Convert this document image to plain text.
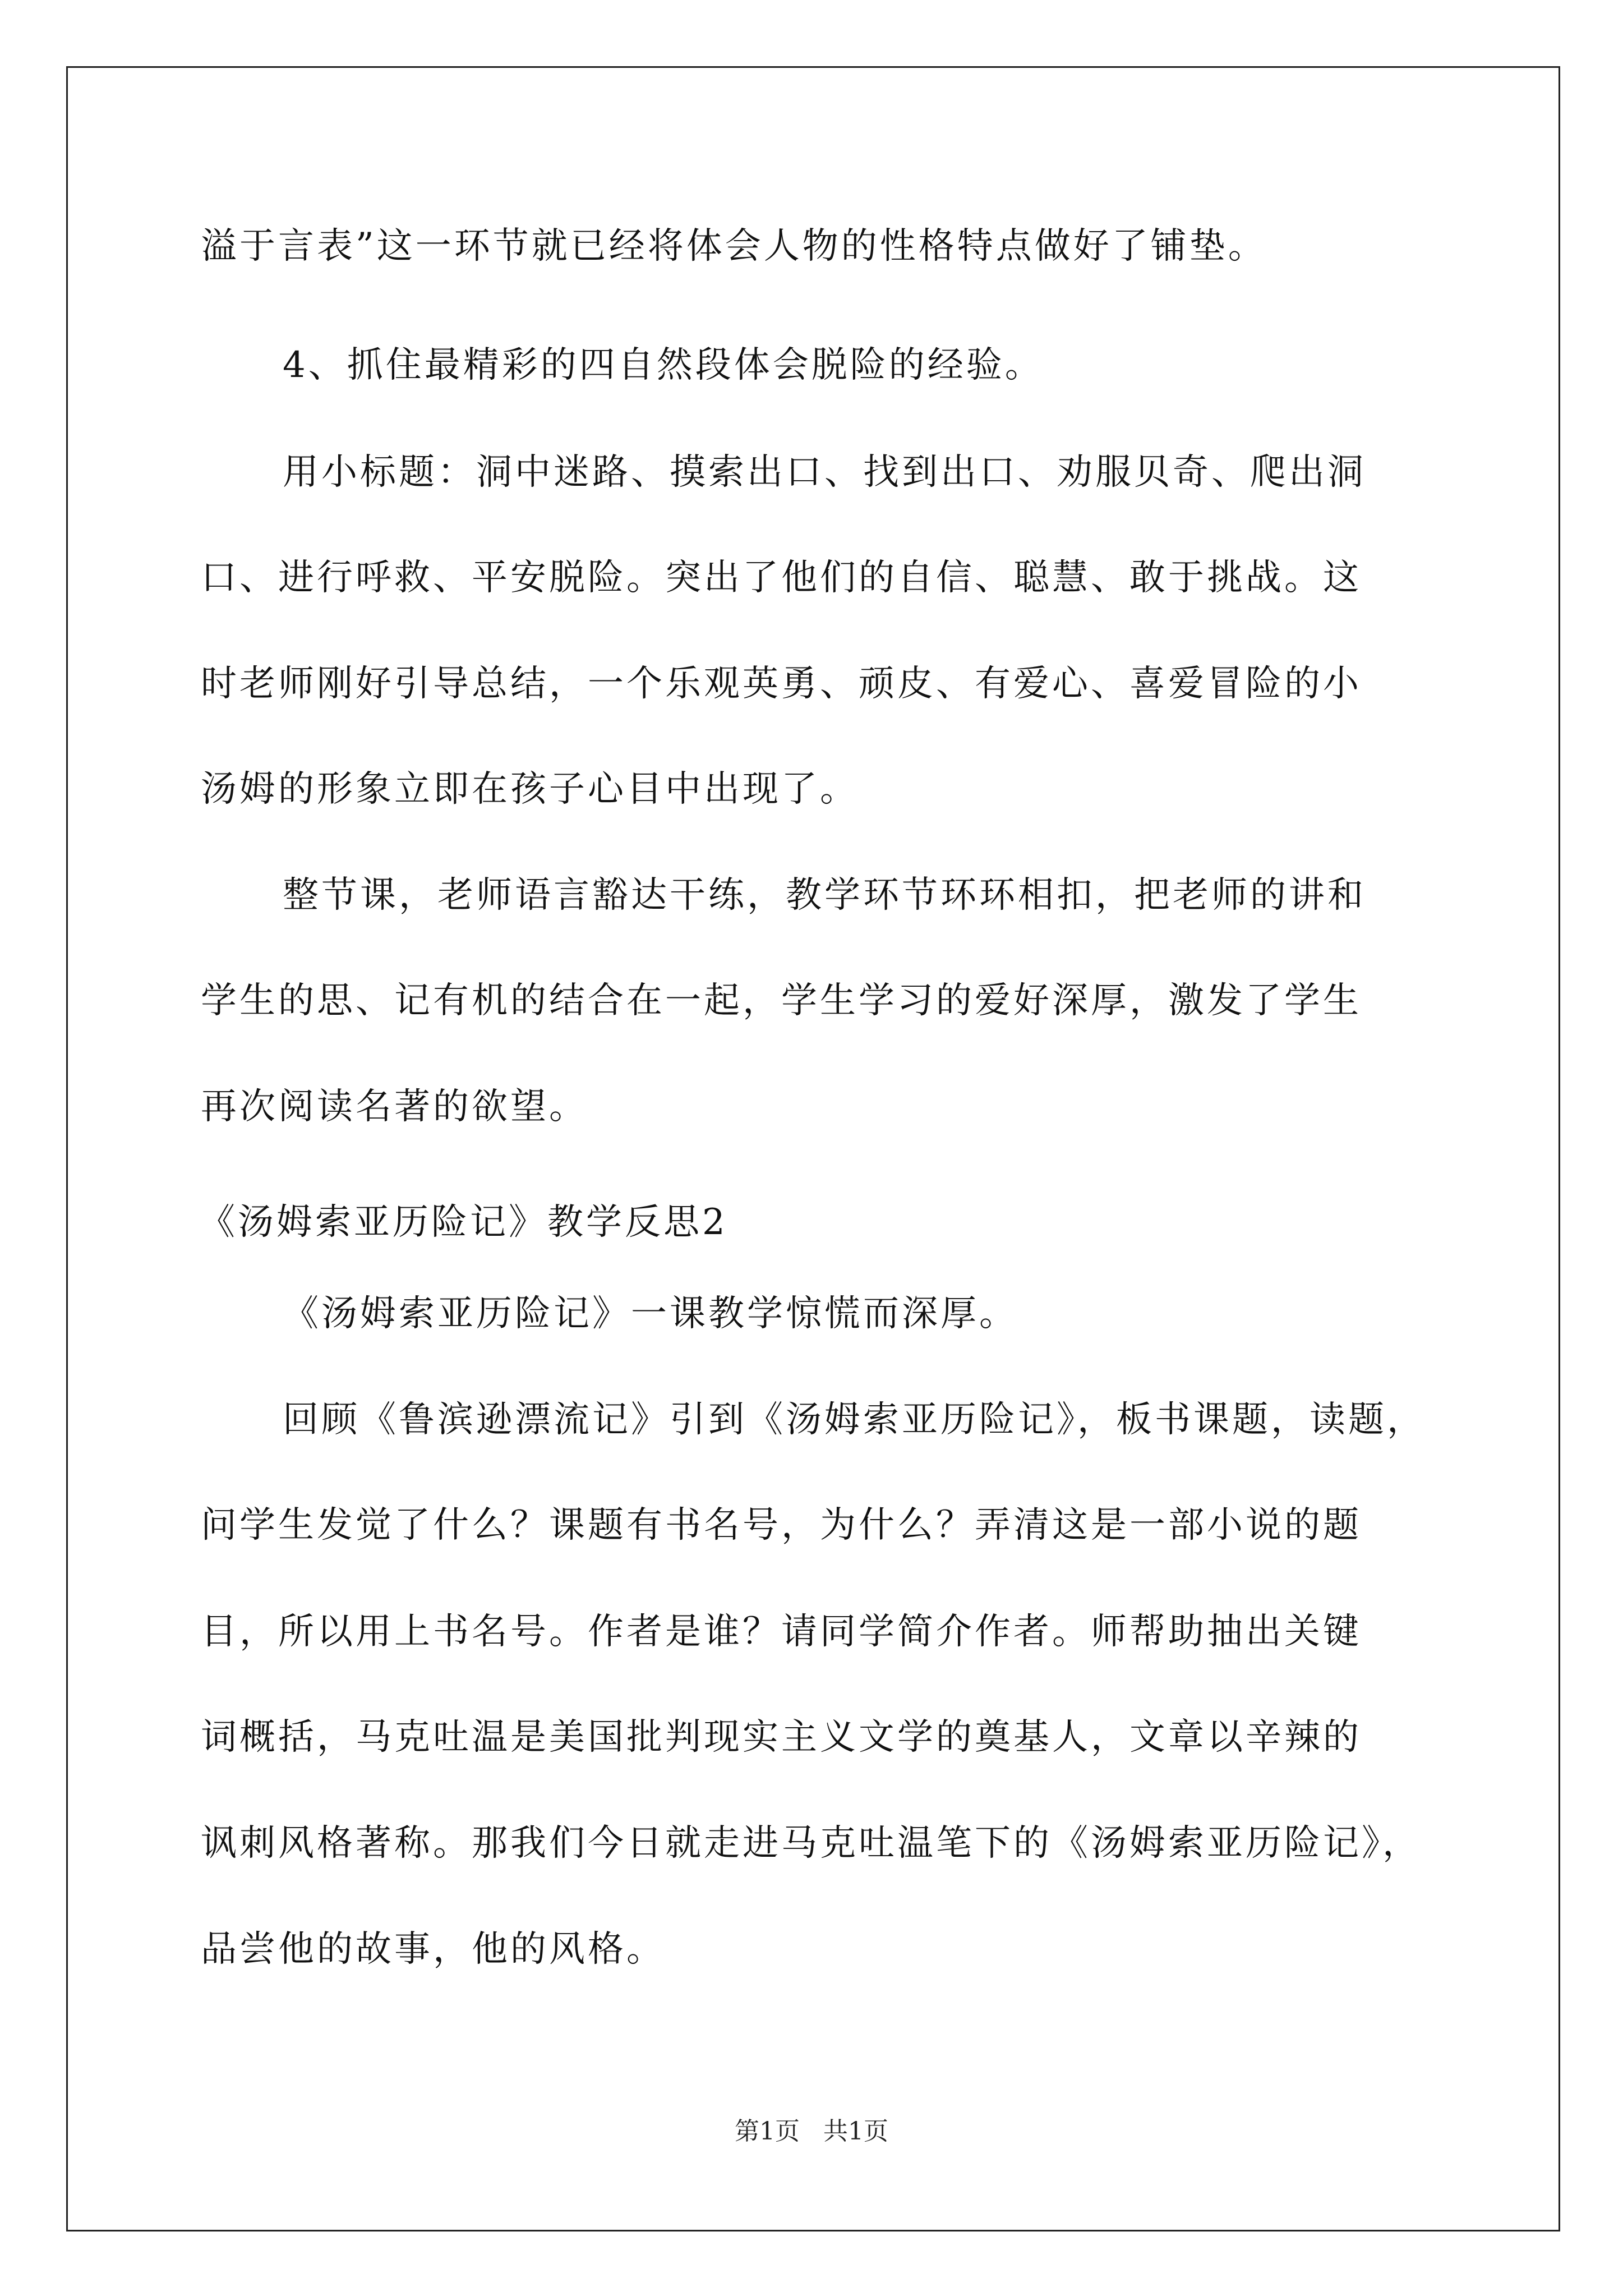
溢于言表”这一环节就已经将体会人物的性格特点做好了铺垫。
4、抓住最精彩的四自然段体会脱险的经验。
用小标题：洞中迷路、摸索出口、找到出口、劝服贝奇、爬出洞
口、进行呼救、平安脱险。突出了他们的自信、聪慧、敢于挑战。这
时老师刚好引导总结，一个乐观英勇、顽皮、有爱心、喜爱冒险的小
汤姆的形象立即在孩子心目中出现了。
整节课，老师语言豁达干练，教学环节环环相扣，把老师的讲和
学生的思、记有机的结合在一起，学生学习的爱好深厚，激发了学生
再次阅读名著的欲望。
《汤姆索亚历险记》教学反思2
《汤姆索亚历险记》一课教学惊慌而深厚。
回顾《鲁滨逊漂流记》引到《汤姆索亚历险记》，板书课题，读题，
问学生发觉了什么？课题有书名号，为什么？弄清这是一部小说的题
目，所以用上书名号。作者是谁？请同学简介作者。师帮助抽出关键
词概括，马克吐温是美国批判现实主义文学的奠基人，文章以辛辣的
讽刺风格著称。那我们今日就走进马克吐温笔下的《汤姆索亚历险记》，
品尝他的故事，他的风格。
第1页 共1页
